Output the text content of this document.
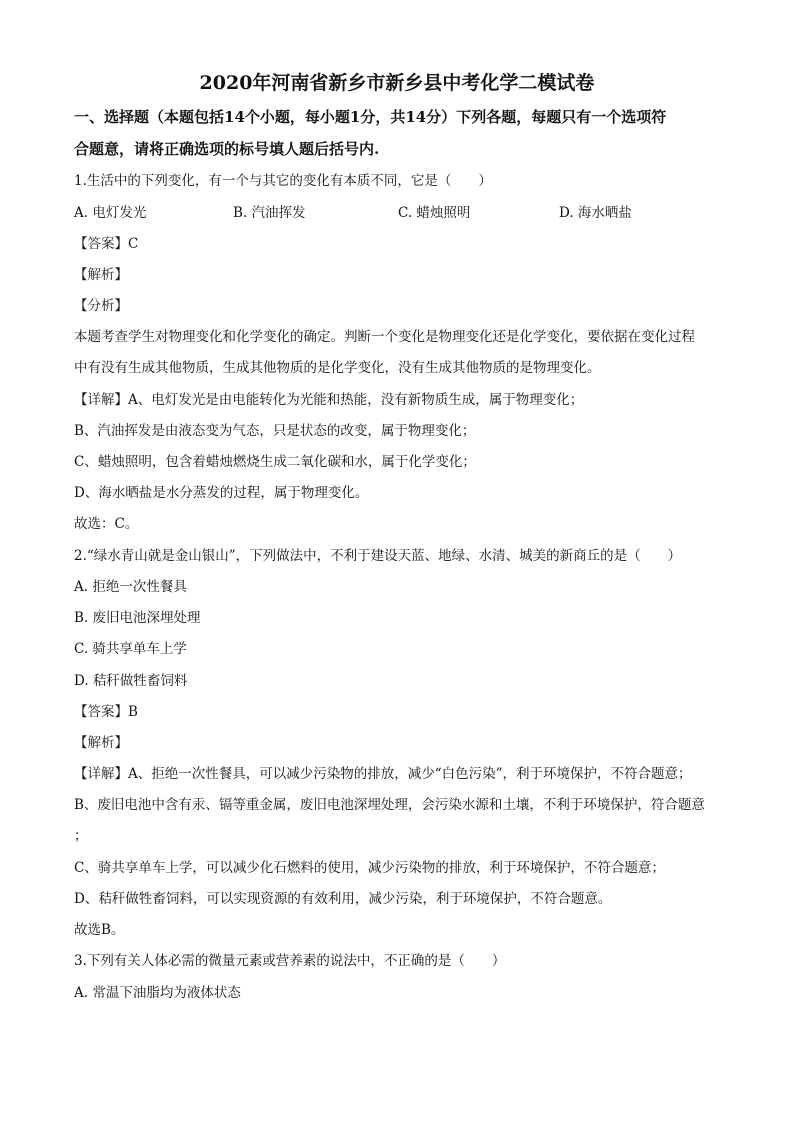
2020年河南省新乡市新乡县中考化学二模试卷
一、选择题（本题包括14个小题，每小题1分，共14分）下列各题，每题只有一个选项符
合题意，请将正确选项的标号填人题后括号内.
1.生活中的下列变化，有一个与其它的变化有本质不同，它是（　　）
A. 电灯发光	B. 汽油挥发	C. 蜡烛照明	D. 海水晒盐
【答案】C
【解析】
【分析】
本题考查学生对物理变化和化学变化的确定。判断一个变化是物理变化还是化学变化，要依据在变化过程
中有没有生成其他物质，生成其他物质的是化学变化，没有生成其他物质的是物理变化。
【详解】A、电灯发光是由电能转化为光能和热能，没有新物质生成，属于物理变化；
B、汽油挥发是由液态变为气态，只是状态的改变，属于物理变化；
C、蜡烛照明，包含着蜡烛燃烧生成二氧化碳和水，属于化学变化；
D、海水晒盐是水分蒸发的过程，属于物理变化。
故选：C。
2.“绿水青山就是金山银山”，下列做法中，不利于建设天蓝、地绿、水清、城美的新商丘的是（　　）
A. 拒绝一次性餐具
B. 废旧电池深埋处理
C. 骑共享单车上学
D. 秸秆做牲畜饲料
【答案】B
【解析】
【详解】A、拒绝一次性餐具，可以减少污染物的排放，减少“白色污染”，利于环境保护，不符合题意；
B、废旧电池中含有汞、镉等重金属，废旧电池深埋处理，会污染水源和土壤，不利于环境保护，符合题意
；
C、骑共享单车上学，可以减少化石燃料的使用，减少污染物的排放，利于环境保护，不符合题意；
D、秸秆做牲畜饲料，可以实现资源的有效利用，减少污染，利于环境保护，不符合题意。
故选B。
3.下列有关人体必需的微量元素或营养素的说法中，不正确的是（　　）
A. 常温下油脂均为液体状态
